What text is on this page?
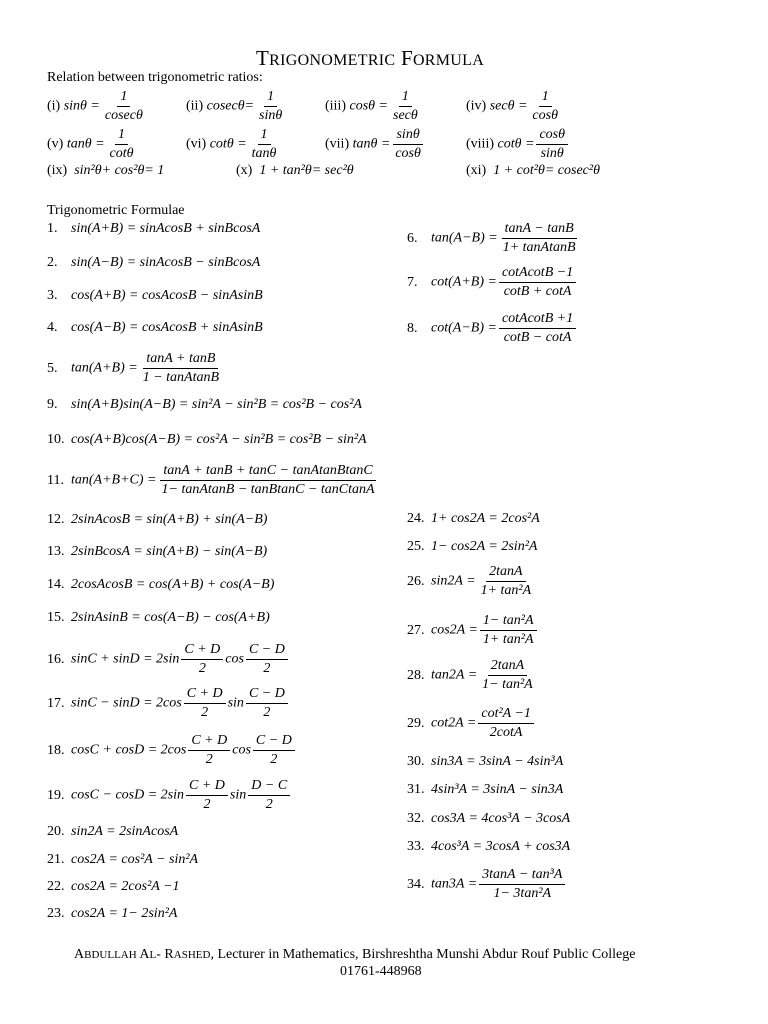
TRIGONOMETRIC FORMULA
Relation between trigonometric ratios:
(i) $\sin\theta = \frac{1}{cosec\theta}$	(ii) $cosec\theta= \frac{1}{\sin\theta}$	(iii) $\cos\theta = \frac{1}{\sec\theta}$	(iv) $\sec\theta = \frac{1}{\cos\theta}$
(v) $\tan\theta = \frac{1}{\cot\theta}$	(vi) $\cot\theta = \frac{1}{\tan\theta}$	(vii) $\tan\theta = \frac{\sin\theta}{\cos\theta}$	(viii) $\cot\theta = \frac{\cos\theta}{\sin\theta}$
(ix) sin²θ+ cos²θ= 1	(x) 1 + tan²θ= sec²θ	(xi) 1 + cot²θ= cosec²θ
Trigonometric Formulae
1. sin(A+B) = sinAcosB + sinBcosA
2. sin(A−B) = sinAcosB − sinBcosA
3. cos(A+B) = cosAcosB − sinAsinB
4. cos(A−B) = cosAcosB + sinAsinB
5. $\tan(A+B) = \frac{\tan A + \tan B}{\text{1 − tanAtanB}}$
6. $\tan(A-B) = \frac{\tan A - \tan B}{\text{1+ tanAtanB}}$
7. $\cot(A+B) = \frac{\text{cotAcotB −1}}{\cot B + \cot A}$
8. $\cot(A-B) = \frac{\text{cotAcotB +1}}{\cot B - \cot A}$
9. sin(A+B)sin(A−B) = sin²A − sin²B = cos²B − cos²A
10. cos(A+B)cos(A−B) = cos²A − sin²B = cos²B − sin²A
11. $\tan(A+B+C) = \frac{\text{tanA + tanB + tanC − tanAtanBtanC}}{\text{1− tanAtanB − tanBtanC − tanCtanA}}$
12. 2sinAcosB = sin(A+B) + sin(A−B)
13. 2sinBcosA = sin(A+B) − sin(A−B)
14. 2cosAcosB = cos(A+B) + cos(A−B)
15. 2sinAsinB = cos(A−B) − cos(A+B)
16. $\sin C + \sin D = 2\sin \frac{C + D}{2}$ $\cos \frac{C - D}{2}$
17. $\sin C - \sin D = 2\cos \frac{C + D}{2}$ $\sin \frac{C - D}{2}$
18. $\cos C + \cos D = 2\cos \frac{C + D}{2}$ $\cos \frac{C - D}{2}$
19. $\cos C - \cos D = 2\sin \frac{C + D}{2}$ $\sin \frac{D - C}{2}$
20. sin2A = 2sinAcosA
21. cos2A = cos²A − sin²A
22. cos2A = 2cos²A −1
23. cos2A = 1− 2sin²A
24. 1+ cos2A = 2cos²A
25. 1− cos2A = 2sin²A
26. $\sin 2A = \frac{2\tan A}{\text{1+ tan²A}}$
27. $\cos 2A = \frac{\text{1− tan²A}}{\text{1+ tan²A}}$
28. $\tan 2A = \frac{2\tan A}{\text{1− tan²A}}$
29. $\cot 2A = \frac{\text{cot²A −1}}{2\cot A}$
30. sin3A = 3sinA − 4sin³A
31. 4sin³A = 3sinA − sin3A
32. cos3A = 4cos³A − 3cosA
33. 4cos³A = 3cosA + cos3A
34. $\tan 3A = \frac{\text{3tanA − tan³A}}{\text{1− 3tan²A}}$
ABDULLAH AL- RASHED, Lecturer in Mathematics, Birshreshtha Munshi Abdur Rouf Public College
01761-448968
